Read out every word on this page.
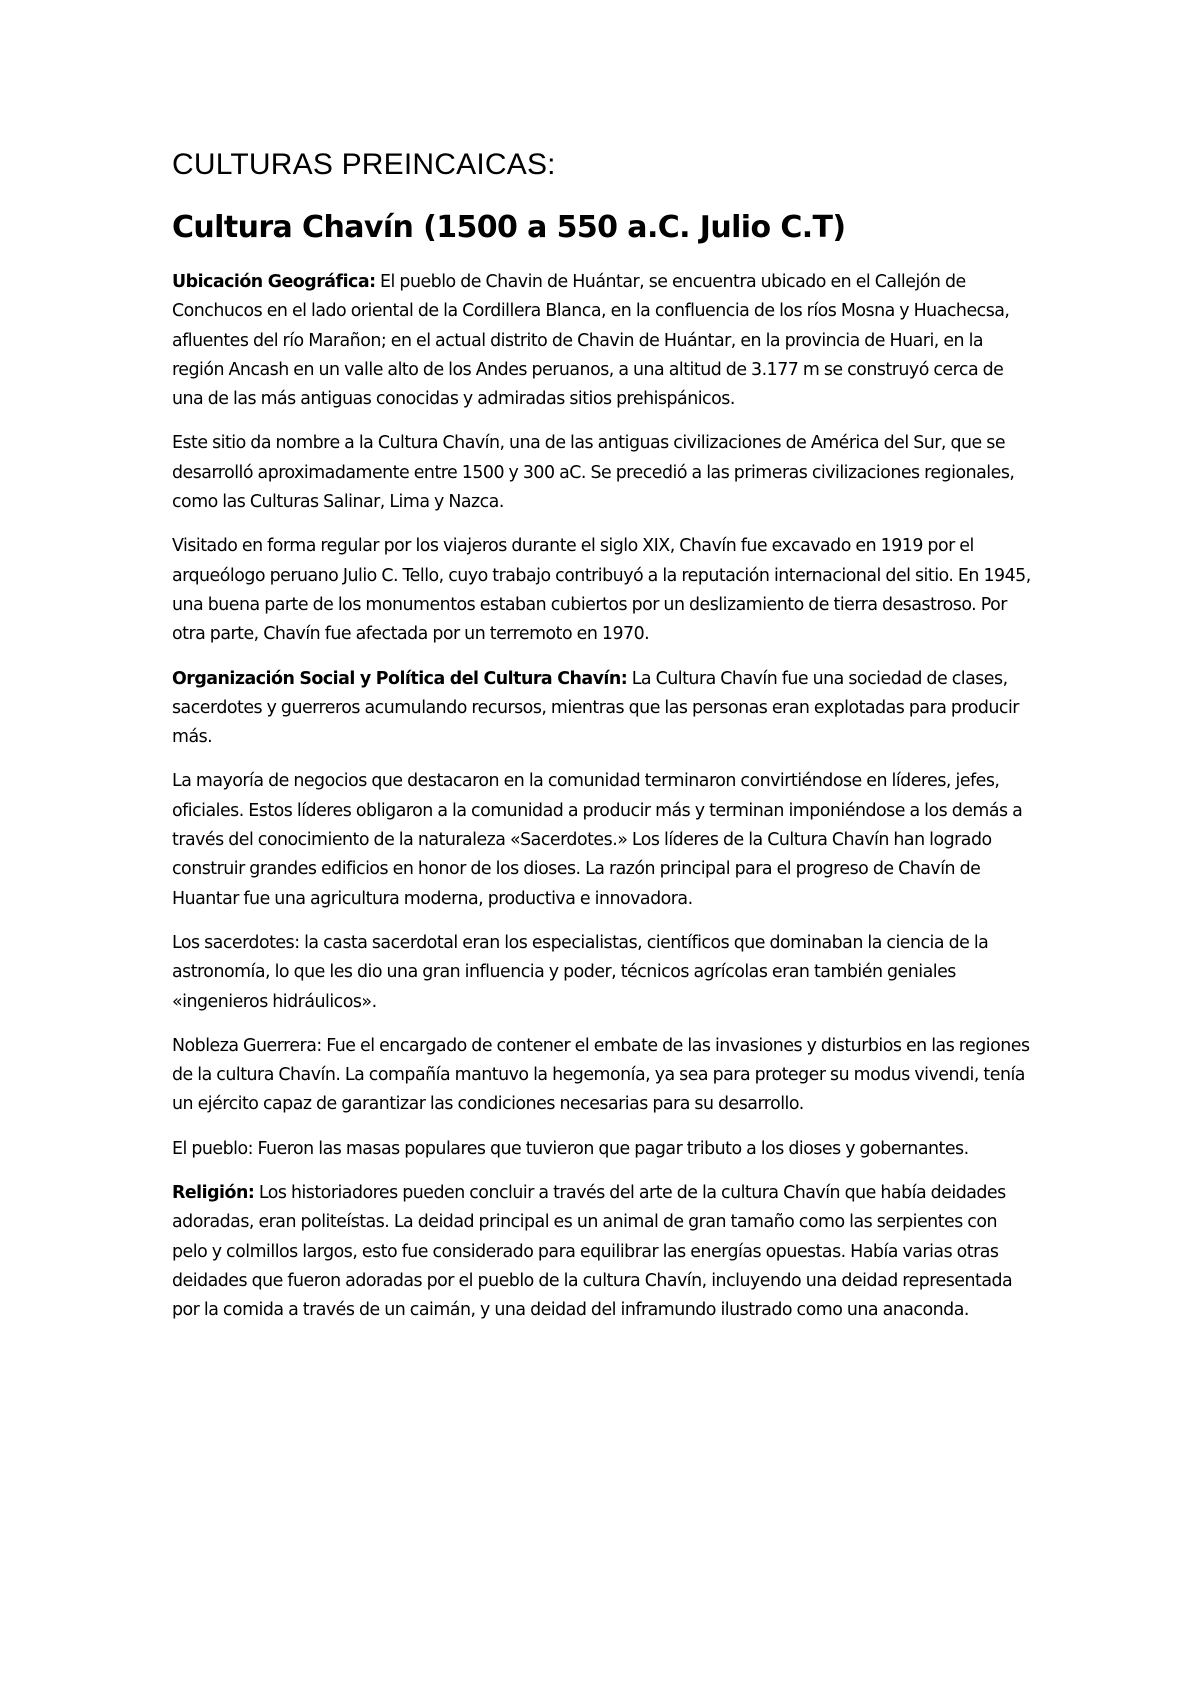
CULTURAS PREINCAICAS:
Cultura Chavín (1500 a 550 a.C. Julio C.T)

Ubicación Geográfica: El pueblo de Chavin de Huántar, se encuentra ubicado en el Callejón de Conchucos en el lado oriental de la Cordillera Blanca, en la confluencia de los ríos Mosna y Huachecsa, afluentes del río Marañon; en el actual distrito de Chavin de Huántar, en la provincia de Huari, en la región Ancash en un valle alto de los Andes peruanos, a una altitud de 3.177 m se construyó cerca de una de las más antiguas conocidas y admiradas sitios prehispánicos.

Este sitio da nombre a la Cultura Chavín, una de las antiguas civilizaciones de América del Sur, que se desarrolló aproximadamente entre 1500 y 300 aC. Se precedió a las primeras civilizaciones regionales, como las Culturas Salinar, Lima y Nazca.

Visitado en forma regular por los viajeros durante el siglo XIX, Chavín fue excavado en 1919 por el arqueólogo peruano Julio C. Tello, cuyo trabajo contribuyó a la reputación internacional del sitio. En 1945, una buena parte de los monumentos estaban cubiertos por un deslizamiento de tierra desastroso. Por otra parte, Chavín fue afectada por un terremoto en 1970.

Organización Social y Política del Cultura Chavín: La Cultura Chavín fue una sociedad de clases, sacerdotes y guerreros acumulando recursos, mientras que las personas eran explotadas para producir más.

La mayoría de negocios que destacaron en la comunidad terminaron convirtiéndose en líderes, jefes, oficiales. Estos líderes obligaron a la comunidad a producir más y terminan imponiéndose a los demás a través del conocimiento de la naturaleza «Sacerdotes.» Los líderes de la Cultura Chavín han logrado construir grandes edificios en honor de los dioses. La razón principal para el progreso de Chavín de Huantar fue una agricultura moderna, productiva e innovadora.

Los sacerdotes: la casta sacerdotal eran los especialistas, científicos que dominaban la ciencia de la astronomía, lo que les dio una gran influencia y poder, técnicos agrícolas eran también geniales «ingenieros hidráulicos».

Nobleza Guerrera: Fue el encargado de contener el embate de las invasiones y disturbios en las regiones de la cultura Chavín. La compañía mantuvo la hegemonía, ya sea para proteger su modus vivendi, tenía un ejército capaz de garantizar las condiciones necesarias para su desarrollo.

El pueblo: Fueron las masas populares que tuvieron que pagar tributo a los dioses y gobernantes.

Religión: Los historiadores pueden concluir a través del arte de la cultura Chavín que había deidades adoradas, eran politeístas. La deidad principal es un animal de gran tamaño como las serpientes con pelo y colmillos largos, esto fue considerado para equilibrar las energías opuestas. Había varias otras deidades que fueron adoradas por el pueblo de la cultura Chavín, incluyendo una deidad representada por la comida a través de un caimán, y una deidad del inframundo ilustrado como una anaconda.
